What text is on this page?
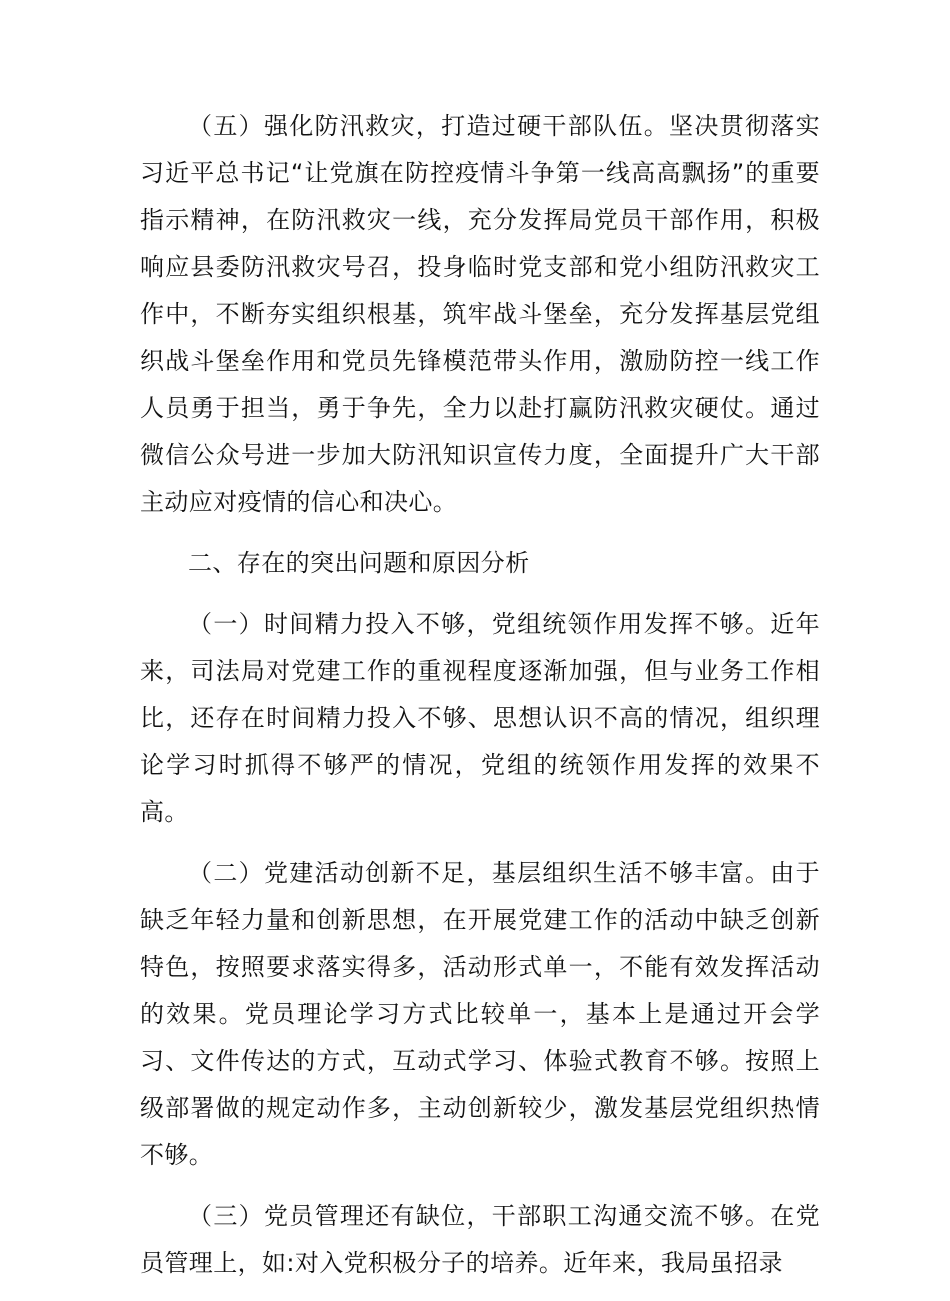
（五）强化防汛救灾，打造过硬干部队伍。坚决贯彻落实习近平总书记“让党旗在防控疫情斗争第一线高高飘扬”的重要指示精神，在防汛救灾一线，充分发挥局党员干部作用，积极响应县委防汛救灾号召，投身临时党支部和党小组防汛救灾工作中，不断夯实组织根基，筑牢战斗堡垒，充分发挥基层党组织战斗堡垒作用和党员先锋模范带头作用，激励防控一线工作人员勇于担当，勇于争先，全力以赴打赢防汛救灾硬仗。通过微信公众号进一步加大防汛知识宣传力度，全面提升广大干部主动应对疫情的信心和决心。

二、存在的突出问题和原因分析

（一）时间精力投入不够，党组统领作用发挥不够。近年来，司法局对党建工作的重视程度逐渐加强，但与业务工作相比，还存在时间精力投入不够、思想认识不高的情况，组织理论学习时抓得不够严的情况，党组的统领作用发挥的效果不高。

（二）党建活动创新不足，基层组织生活不够丰富。由于缺乏年轻力量和创新思想，在开展党建工作的活动中缺乏创新特色，按照要求落实得多，活动形式单一，不能有效发挥活动的效果。党员理论学习方式比较单一，基本上是通过开会学习、文件传达的方式，互动式学习、体验式教育不够。按照上级部署做的规定动作多，主动创新较少，激发基层党组织热情不够。

（三）党员管理还有缺位，干部职工沟通交流不够。在党员管理上，如:对入党积极分子的培养。近年来，我局虽招录
